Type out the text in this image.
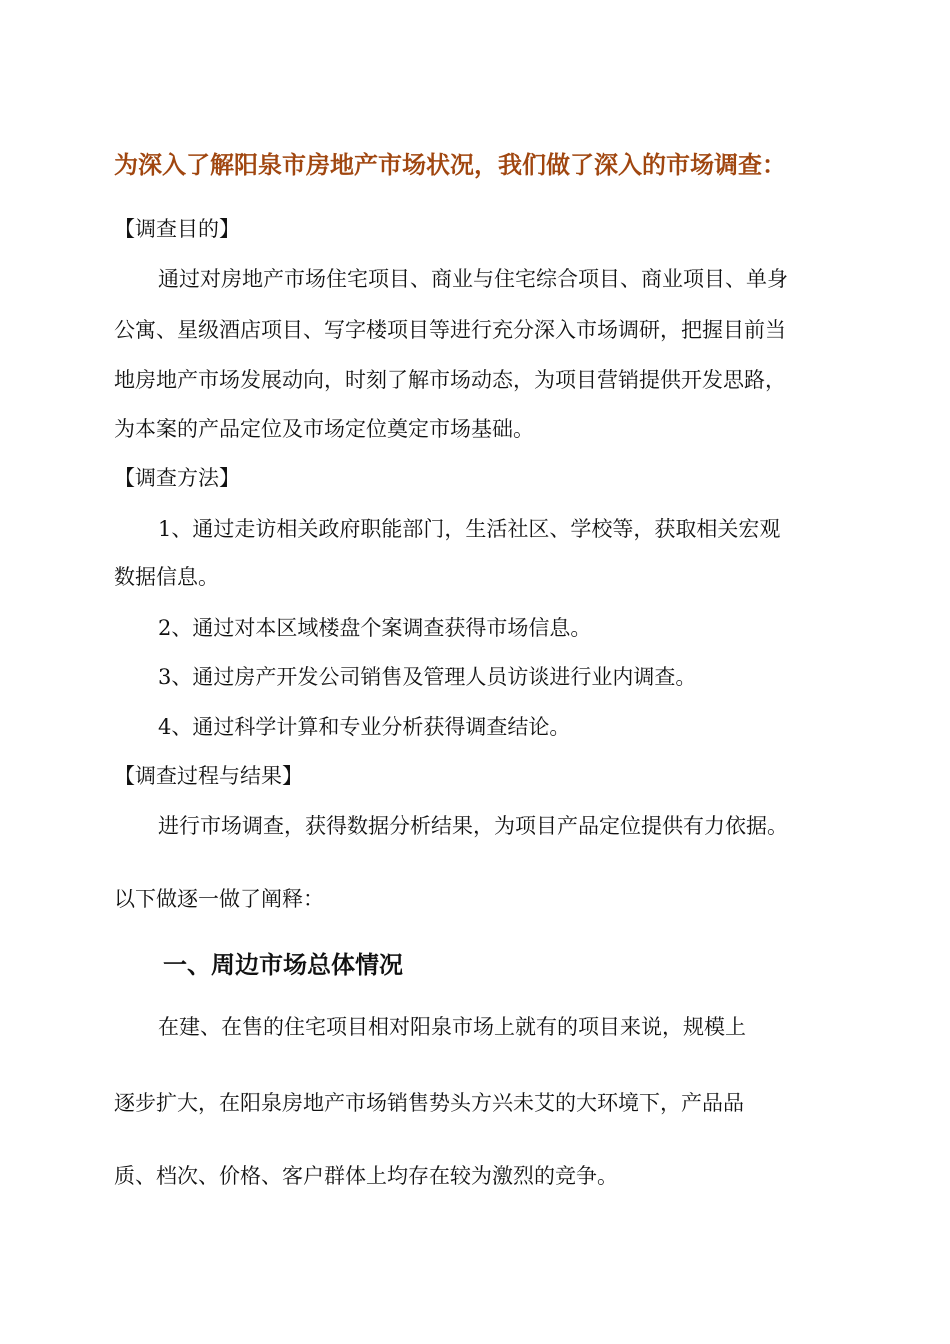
为深入了解阳泉市房地产市场状况，我们做了深入的市场调查：
【调查目的】
通过对房地产市场住宅项目、商业与住宅综合项目、商业项目、单身
公寓、星级酒店项目、写字楼项目等进行充分深入市场调研，把握目前当
地房地产市场发展动向，时刻了解市场动态，为项目营销提供开发思路，
为本案的产品定位及市场定位奠定市场基础。
【调查方法】
1、通过走访相关政府职能部门，生活社区、学校等，获取相关宏观
数据信息。
2、通过对本区域楼盘个案调查获得市场信息。
3、通过房产开发公司销售及管理人员访谈进行业内调查。
4、通过科学计算和专业分析获得调查结论。
【调查过程与结果】
进行市场调查，获得数据分析结果，为项目产品定位提供有力依据。
以下做逐一做了阐释：
一、周边市场总体情况
在建、在售的住宅项目相对阳泉市场上就有的项目来说，规模上
逐步扩大，在阳泉房地产市场销售势头方兴未艾的大环境下，产品品
质、档次、价格、客户群体上均存在较为激烈的竞争。
